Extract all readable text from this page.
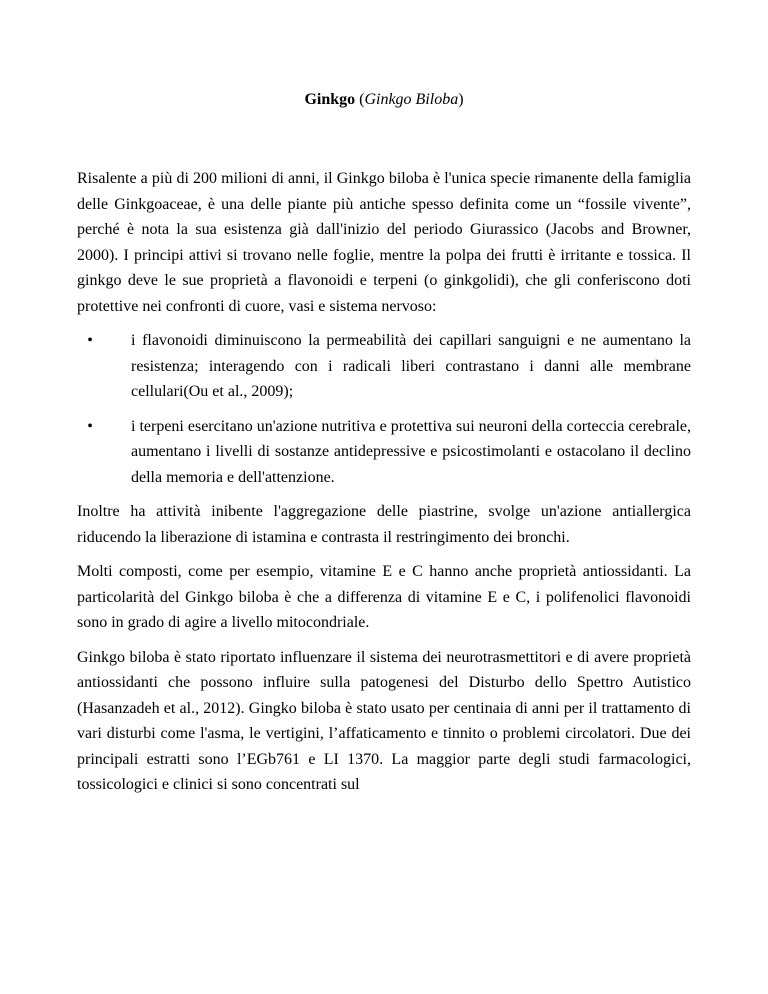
Ginkgo (Ginkgo Biloba)

Risalente a più di 200 milioni di anni, il Ginkgo biloba è l'unica specie rimanente della famiglia delle Ginkgoaceae, è una delle piante più antiche spesso definita come un “fossile vivente”, perché è nota la sua esistenza già dall'inizio del periodo Giurassico (Jacobs and Browner, 2000). I principi attivi si trovano nelle foglie, mentre la polpa dei frutti è irritante e tossica. Il ginkgo deve le sue proprietà a flavonoidi e terpeni (o ginkgolidi), che gli conferiscono doti protettive nei confronti di cuore, vasi e sistema nervoso:

• i flavonoidi diminuiscono la permeabilità dei capillari sanguigni e ne aumentano la resistenza; interagendo con i radicali liberi contrastano i danni alle membrane cellulari(Ou et al., 2009);
• i terpeni esercitano un'azione nutritiva e protettiva sui neuroni della corteccia cerebrale, aumentano i livelli di sostanze antidepressive e psicostimolanti e ostacolano il declino della memoria e dell'attenzione.

Inoltre ha attività inibente l'aggregazione delle piastrine, svolge un'azione antiallergica riducendo la liberazione di istamina e contrasta il restringimento dei bronchi.

Molti composti, come per esempio, vitamine E e C hanno anche proprietà antiossidanti. La particolarità del Ginkgo biloba è che a differenza di vitamine E e C, i polifenolici flavonoidi sono in grado di agire a livello mitocondriale.

Ginkgo biloba è stato riportato influenzare il sistema dei neurotrasmettitori e di avere proprietà antiossidanti che possono influire sulla patogenesi del Disturbo dello Spettro Autistico (Hasanzadeh et al., 2012). Gingko biloba è stato usato per centinaia di anni per il trattamento di vari disturbi come l'asma, le vertigini, l’affaticamento e tinnito o problemi circolatori. Due dei principali estratti sono l’EGb761 e LI 1370. La maggior parte degli studi farmacologici, tossicologici e clinici si sono concentrati sul
